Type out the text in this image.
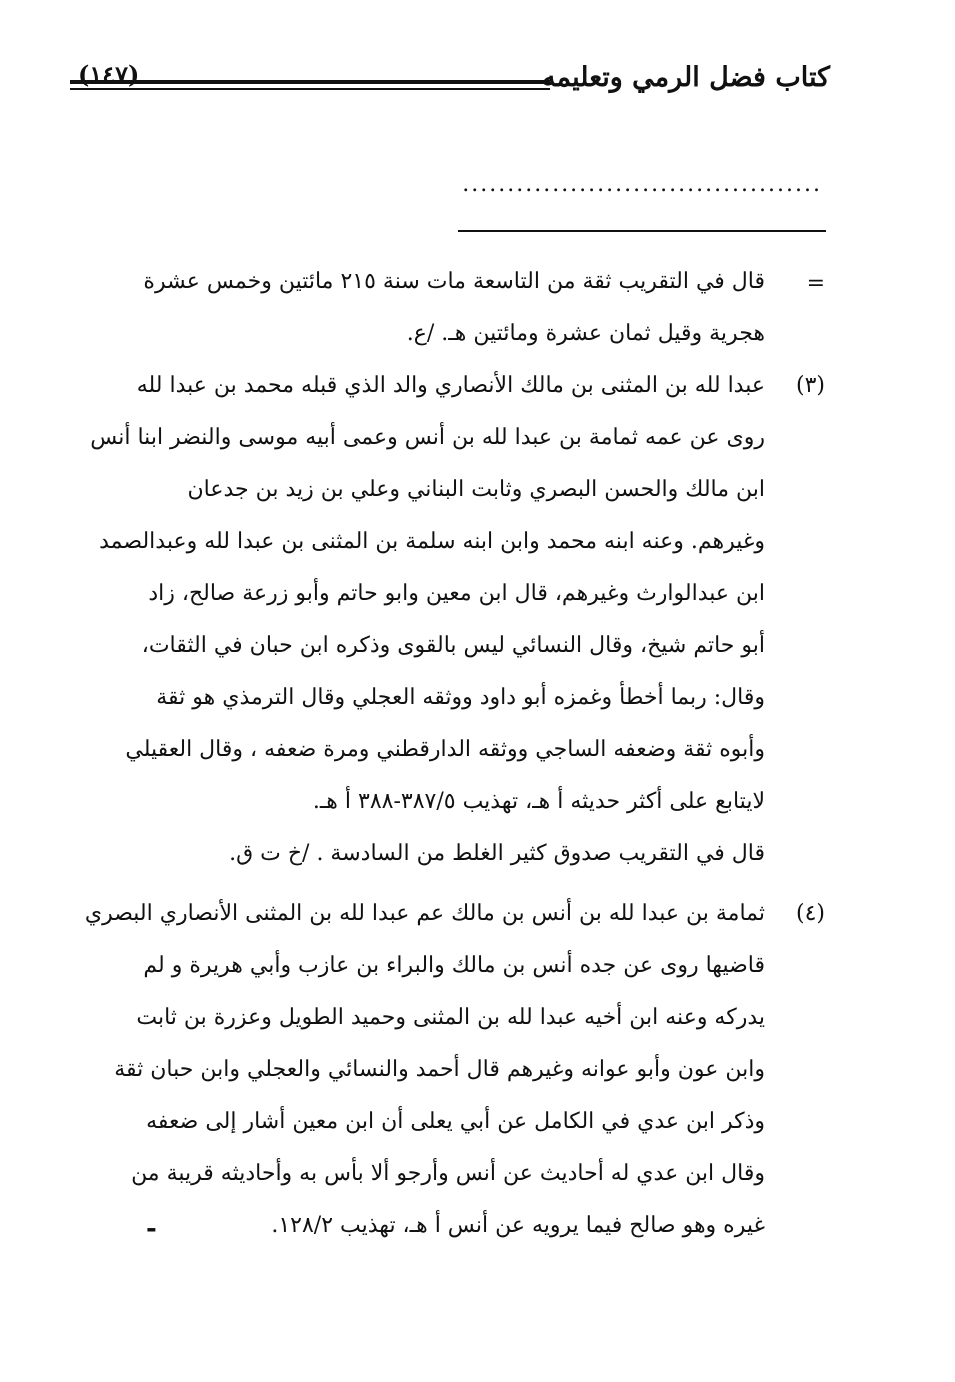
كتاب فضل الرمي وتعليمه
(١٤٧)
........................................
=
قال في التقريب ثقة من التاسعة مات سنة ٢١٥ مائتين وخمس عشرة
هجرية وقيل ثمان عشرة ومائتين هـ. /ع.
(٣)
عبدا لله بن المثنى بن مالك الأنصاري والد الذي قبله محمد بن عبدا لله
روى عن عمه ثمامة بن عبدا لله بن أنس وعمى أبيه موسى والنضر ابنا أنس
ابن مالك والحسن البصري وثابت البناني وعلي بن زيد بن جدعان
وغيرهم. وعنه ابنه محمد وابن ابنه سلمة بن المثنى بن عبدا لله وعبدالصمد
ابن عبدالوارث وغيرهم، قال ابن معين وابو حاتم وأبو زرعة صالح، زاد
أبو حاتم شيخ، وقال النسائي ليس بالقوى وذكره ابن حبان في الثقات،
وقال: ربما أخطأ وغمزه أبو داود ووثقه العجلي وقال الترمذي هو ثقة
وأبوه ثقة وضعفه الساجي ووثقه الدارقطني ومرة ضعفه ، وقال العقيلي
لايتابع على أكثر حديثه أ هـ، تهذيب ٣٨٧/٥-٣٨٨ أ هـ.
قال في التقريب صدوق كثير الغلط من السادسة . /خ ت ق.
(٤)
ثمامة بن عبدا لله بن أنس بن مالك عم عبدا لله بن المثنى الأنصاري البصري
قاضيها روى عن جده أنس بن مالك والبراء بن عازب وأبي هريرة و لم
يدركه وعنه ابن أخيه عبدا لله بن المثنى وحميد الطويل وعزرة بن ثابت
وابن عون وأبو عوانه وغيرهم قال أحمد والنسائي والعجلي وابن حبان ثقة
وذكر ابن عدي في الكامل عن أبي يعلى أن ابن معين أشار إلى ضعفه
وقال ابن عدي له أحاديث عن أنس وأرجو ألا بأس به وأحاديثه قريبة من
غيره وهو صالح فيما يرويه عن أنس أ هـ، تهذيب ١٢٨/٢.
-
